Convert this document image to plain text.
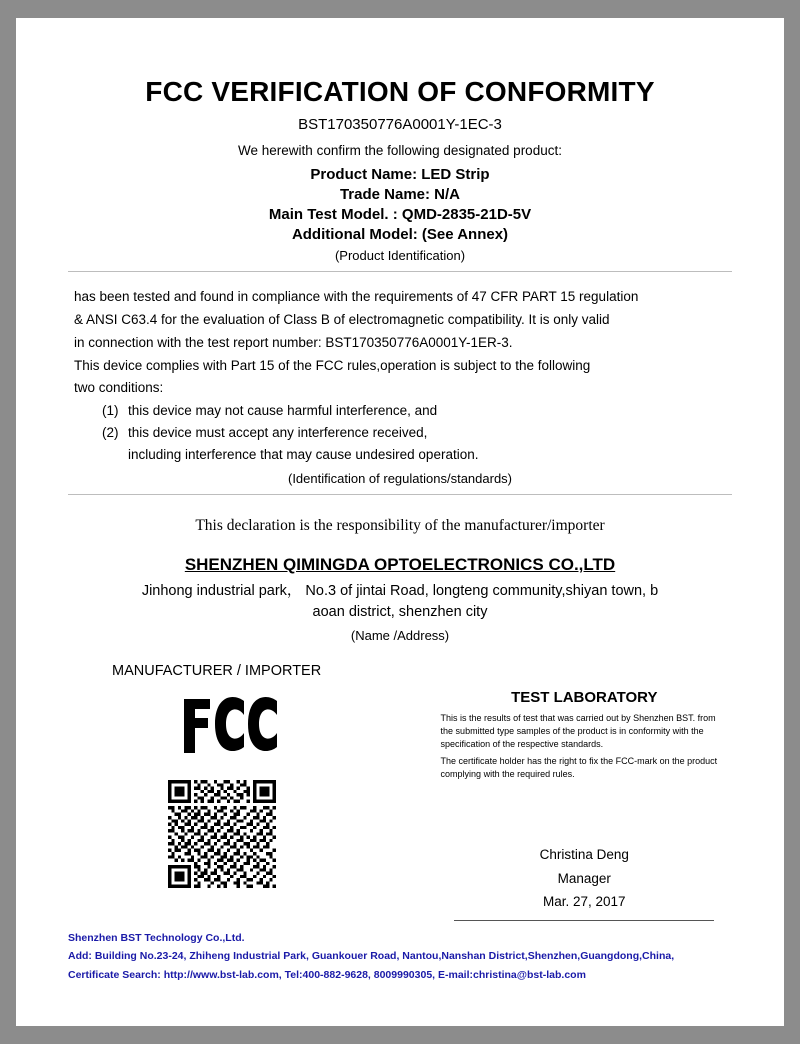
FCC VERIFICATION OF CONFORMITY
BST170350776A0001Y-1EC-3
We herewith confirm the following designated product:
Product Name: LED Strip
Trade Name: N/A
Main Test Model. : QMD-2835-21D-5V
Additional Model: (See Annex)
(Product Identification)

has been tested and found in compliance with the requirements of 47 CFR PART 15 regulation

& ANSI C63.4 for the evaluation of Class B of electromagnetic compatibility. It is only valid

in connection with the test report number: BST170350776A0001Y-1ER-3.

This device complies with Part 15 of the FCC rules,operation is subject to the following

two conditions:

(1) this device may not cause harmful interference, and
(2) this device must accept any interference received,
including interference that may cause undesired operation.
(Identification of regulations/standards)
This declaration is the responsibility of the manufacturer/importer
SHENZHEN QIMINGDA OPTOELECTRONICS CO.,LTD
Jinhong industrial park， No.3 of jintai Road, longteng community,shiyan town, b
aoan district, shenzhen city
(Name /Address)
MANUFACTURER / IMPORTER
TEST LABORATORY

This is the results of test that was carried out by Shenzhen BST. from the submitted type samples of the product is in conformity with the specification of the respective standards.

The certificate holder has the right to fix the FCC-mark on the product complying with the required rules.

Christina Deng
Manager
Mar. 27, 2017
Shenzhen BST Technology Co.,Ltd.
Add: Building No.23-24, Zhiheng Industrial Park, Guankouer Road, Nantou,Nanshan District,Shenzhen,Guangdong,China,
Certificate Search: http://www.bst-lab.com, Tel:400-882-9628, 8009990305, E-mail:christina@bst-lab.com
